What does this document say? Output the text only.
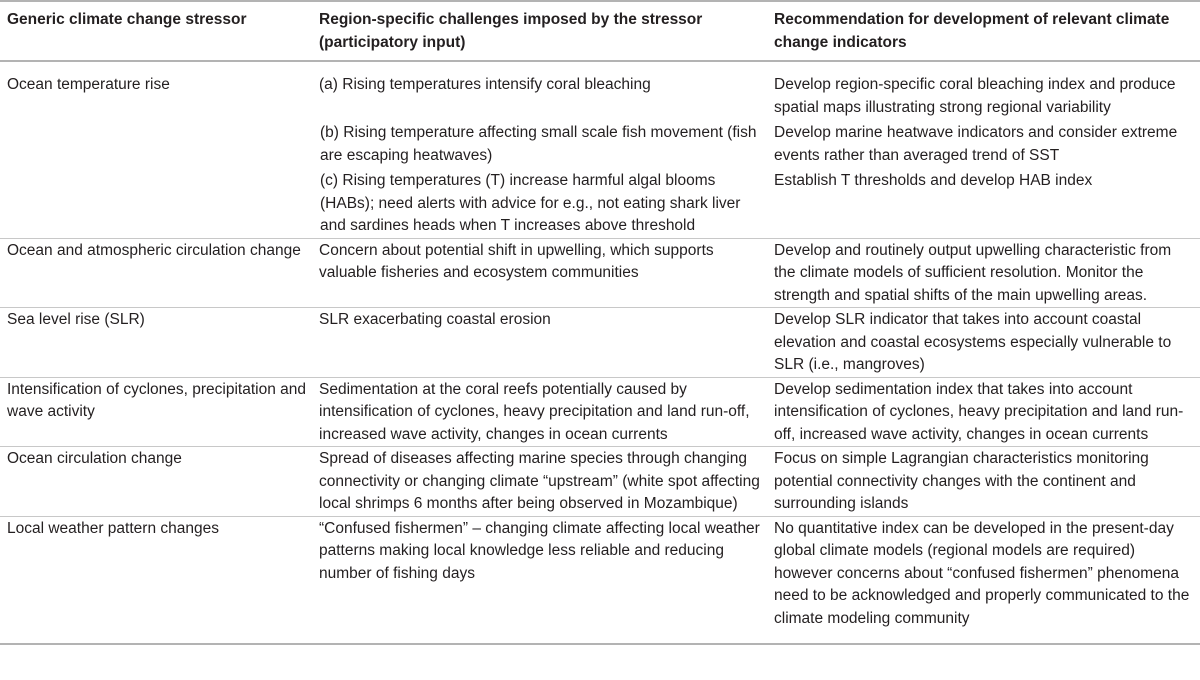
Generic climate change stressor	Region-specific challenges imposed by the stressor (participatory input)	Recommendation for development of relevant climate change indicators
Ocean temperature rise	(a) Rising temperatures intensify coral bleaching	Develop region-specific coral bleaching index and produce spatial maps illustrating strong regional variability
	(b) Rising temperature affecting small scale fish movement (fish are escaping heatwaves)	Develop marine heatwave indicators and consider extreme events rather than averaged trend of SST
	(c) Rising temperatures (T) increase harmful algal blooms (HABs); need alerts with advice for e.g., not eating shark liver and sardines heads when T increases above threshold	Establish T thresholds and develop HAB index
Ocean and atmospheric circulation change	Concern about potential shift in upwelling, which supports valuable fisheries and ecosystem communities	Develop and routinely output upwelling characteristic from the climate models of sufficient resolution. Monitor the strength and spatial shifts of the main upwelling areas.
Sea level rise (SLR)	SLR exacerbating coastal erosion	Develop SLR indicator that takes into account coastal elevation and coastal ecosystems especially vulnerable to SLR (i.e., mangroves)
Intensification of cyclones, precipitation and wave activity	Sedimentation at the coral reefs potentially caused by intensification of cyclones, heavy precipitation and land run-off, increased wave activity, changes in ocean currents	Develop sedimentation index that takes into account intensification of cyclones, heavy precipitation and land run-off, increased wave activity, changes in ocean currents
Ocean circulation change	Spread of diseases affecting marine species through changing connectivity or changing climate “upstream” (white spot affecting local shrimps 6 months after being observed in Mozambique)	Focus on simple Lagrangian characteristics monitoring potential connectivity changes with the continent and surrounding islands
Local weather pattern changes	“Confused fishermen” – changing climate affecting local weather patterns making local knowledge less reliable and reducing number of fishing days	No quantitative index can be developed in the present-day global climate models (regional models are required) however concerns about “confused fishermen” phenomena need to be acknowledged and properly communicated to the climate modeling community
